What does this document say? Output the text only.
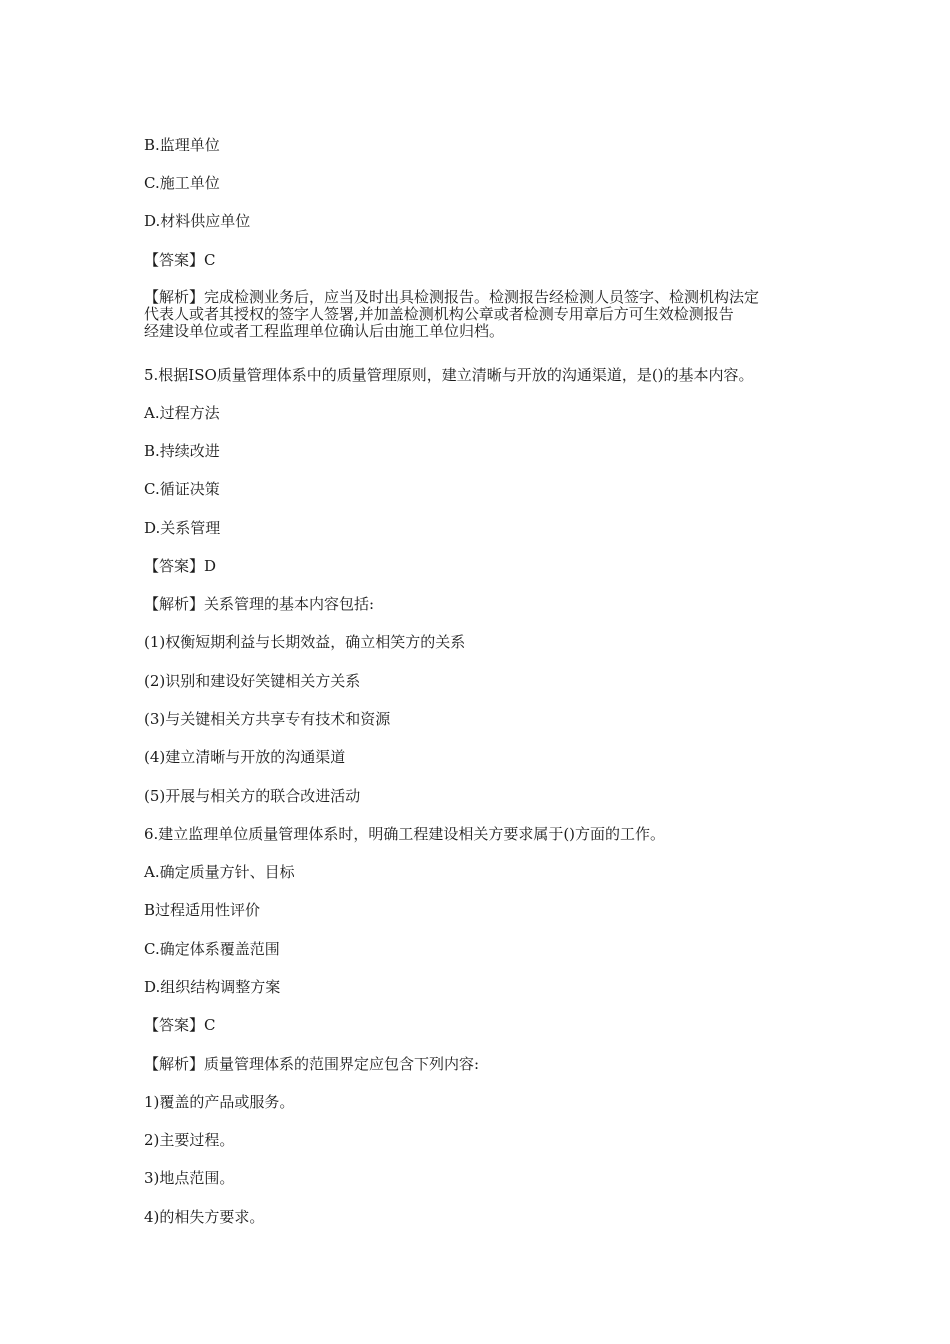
B.监理单位
C.施工单位
D.材料供应单位
【答案】C
【解析】完成检测业务后，应当及时出具检测报告。检测报告经检测人员签字、检测机构法定
代表人或者其授权的签字人签署,并加盖检测机构公章或者检测专用章后方可生效检测报告
经建设单位或者工程监理单位确认后由施工单位归档。
5.根据ISO质量管理体系中的质量管理原则，建立清晰与开放的沟通渠道，是()的基本内容。
A.过程方法
B.持续改进
C.循证决策
D.关系管理
【答案】D
【解析】关系管理的基本内容包括:
(1)权衡短期利益与长期效益，确立相笑方的关系
(2)识别和建设好笑键相关方关系
(3)与关键相关方共享专有技术和资源
(4)建立清晰与开放的沟通渠道
(5)开展与相关方的联合改进活动
6.建立监理单位质量管理体系时，明确工程建设相关方要求属于()方面的工作。
A.确定质量方针、目标
B过程适用性评价
C.确定体系覆盖范围
D.组织结构调整方案
【答案】C
【解析】质量管理体系的范围界定应包含下列内容:
1)覆盖的产品或服务。
2)主要过程。
3)地点范围。
4)的相失方要求。
